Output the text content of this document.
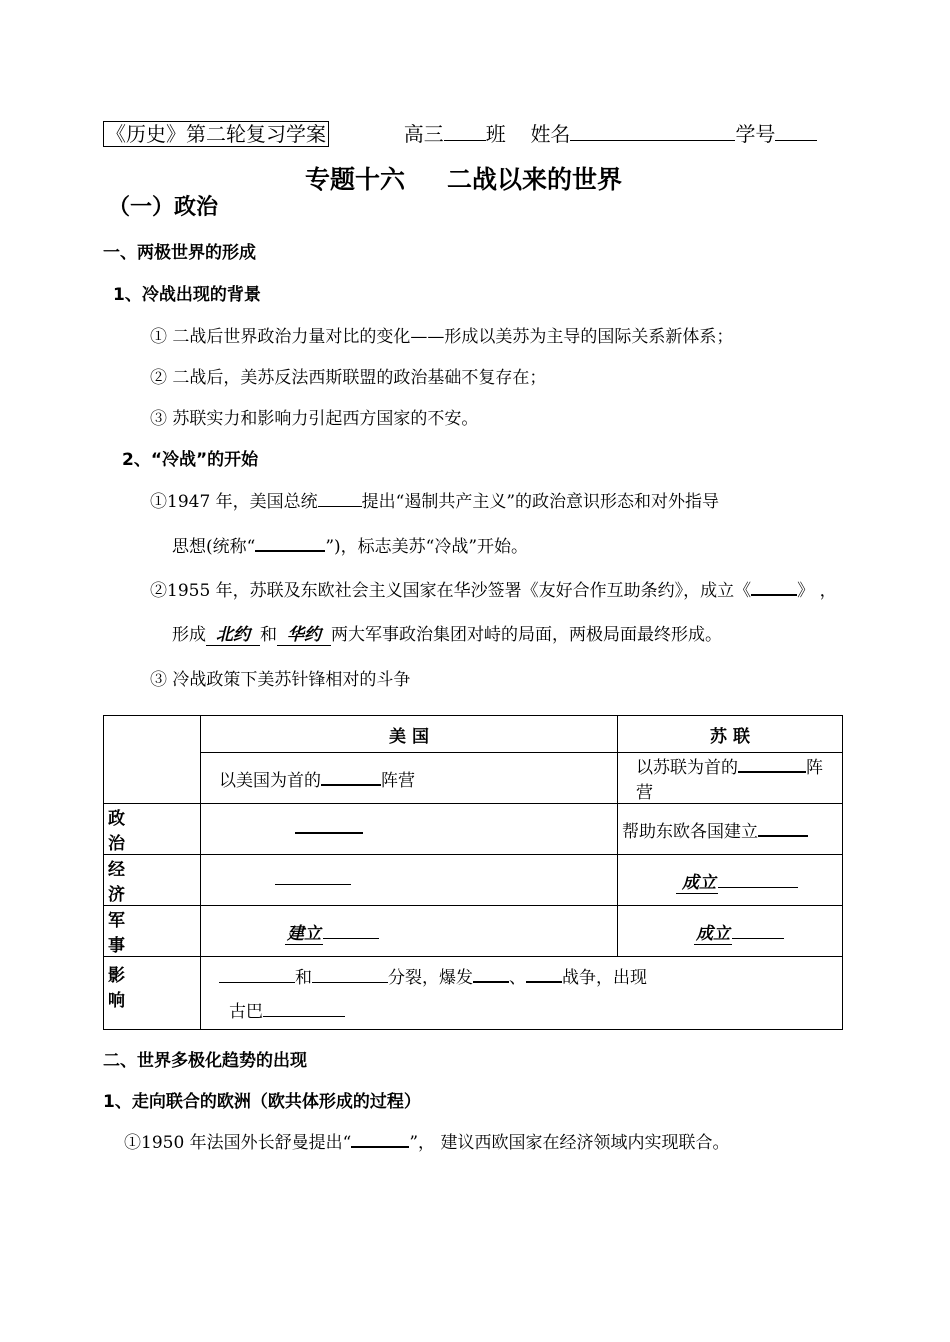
《历史》第二轮复习学案	高三 班 姓名	学号
专题十六 二战以来的世界
（一）政治
一、两极世界的形成
1、冷战出现的背景
① 二战后世界政治力量对比的变化——形成以美苏为主导的国际关系新体系；
② 二战后，美苏反法西斯联盟的政治基础不复存在；
③ 苏联实力和影响力引起西方国家的不安。
2、“冷战”的开始
①1947 年，美国总统	提出“遏制共产主义”的政治意识形态和对外指导
思想(统称“	”)，标志美苏“冷战”开始。
②1955 年，苏联及东欧社会主义国家在华沙签署《友好合作互助条约》，成立《	》 ，
形成 北约 和 华约 两大军事政治集团对峙的局面，两极局面最终形成。
③ 冷战政策下美苏针锋相对的斗争
	美 国	苏 联
	以美国为首的 阵营	以苏联为首的 阵营
政治		帮助东欧各国建立
经济		成立
军事	建立	成立
影响	和 分裂，爆发 、 战争，出现
古巴	
二、世界多极化趋势的出现
1、走向联合的欧洲（欧共体形成的过程）
①1950 年法国外长舒曼提出“	”， 建议西欧国家在经济领域内实现联合。
